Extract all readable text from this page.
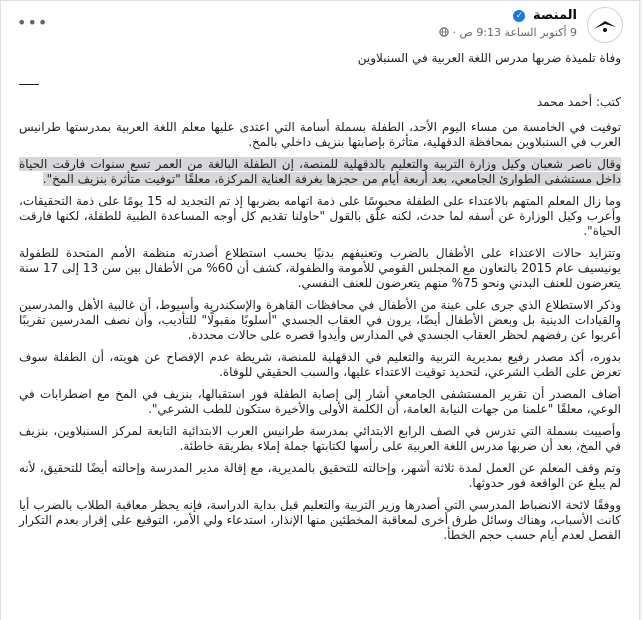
المنصة ✓
9 أكتوبر الساعة 9:13 ص ·
•••

وفاة تلميذة ضربها مدرس اللغة العربية في السنبلاوين

كتب: أحمد محمد

توفيت في الخامسة من مساء اليوم الأحد، الطفلة بسملة أسامة التي اعتدى عليها معلم اللغة العربية بمدرستها طرانيس العرب في السنبلاوين بمحافظة الدقهلية، متأثرة بإصابتها بنزيف داخلي بالمخ.

وقال ناصر شعبان وكيل وزارة التربية والتعليم بالدقهلية للمنصة، إن الطفلة البالغة من العمر تسع سنوات فارقت الحياة داخل مستشفى الطوارئ الجامعي، بعد أربعة أيام من حجزها بغرفة العناية المركزة، معلقًا "توفيت متأثرة بنزيف المخ".

وما زال المعلم المتهم بالاعتداء على الطفلة محبوسًا على ذمة اتهامه بضربها إذ تم التجديد له 15 يومًا على ذمة التحقيقات، وأعرب وكيل الوزارة عن أسفه لما حدث، لكنه علّق بالقول "حاولنا تقديم كل أوجه المساعدة الطبية للطفلة، لكنها فارقت الحياة".

وتتزايد حالات الاعتداء على الأطفال بالضرب وتعنيفهم بدنيًا بحسب استطلاع أصدرته منظمة الأمم المتحدة للطفولة يونيسيف عام 2015 بالتعاون مع المجلس القومي للأمومة والطفولة، كشف أن 60% من الأطفال بين سن 13 إلى 17 سنة يتعرضون للعنف البدني ونحو 75% منهم يتعرضون للعنف النفسي.

وذكر الاستطلاع الذي جرى على عينة من الأطفال في محافظات القاهرة والإسكندرية وأسيوط، أن غالبية الأهل والمدرسين والقيادات الدينية بل وبعض الأطفال أيضًا، يرون في العقاب الجسدي "أسلوبًا مقبولًا" للتأديب، وأن نصف المدرسين تقريبًا أعربوا عن رفضهم لحظر العقاب الجسدي في المدارس وأيدوا قصره على حالات محددة.

بدوره، أكد مصدر رفيع بمديرية التربية والتعليم في الدقهلية للمنصة، شريطة عدم الإفصاح عن هويته، أن الطفلة سوف تعرض على الطب الشرعي، لتحديد توقيت الاعتداء عليها، والسبب الحقيقي للوفاة.

أضاف المصدر أن تقرير المستشفى الجامعي أشار إلى إصابة الطفلة فور استقبالها، بنزيف في المخ مع اضطرابات في الوعي، معلقًا "علمنا من جهات النيابة العامة، أن الكلمة الأولى والأخيرة ستكون للطب الشرعي".

وأصيبت بسملة التي تدرس في الصف الرابع الابتدائي بمدرسة طرانيس العرب الابتدائية التابعة لمركز السنبلاوين، بنزيف في المخ، بعد أن ضربها مدرس اللغة العربية على رأسها لكتابتها جملة إملاء بطريقة خاطئة.

وتم وقف المعلم عن العمل لمدة ثلاثة أشهر، وإحالته للتحقيق بالمديرية، مع إقالة مدير المدرسة وإحالته أيضًا للتحقيق، لأنه لم يبلغ عن الواقعة فور حدوثها.

ووفقًا لائحة الانضباط المدرسي التي أصدرها وزير التربية والتعليم قبل بداية الدراسة، فإنه يحظر معاقبة الطلاب بالضرب أيا كانت الأسباب، وهناك وسائل طرق أخرى لمعاقبة المخطئين منها الإنذار، استدعاء ولي الأمر، التوقيع على إقرار بعدم التكرار الفصل لعدم أيام حسب حجم الخطأ.
